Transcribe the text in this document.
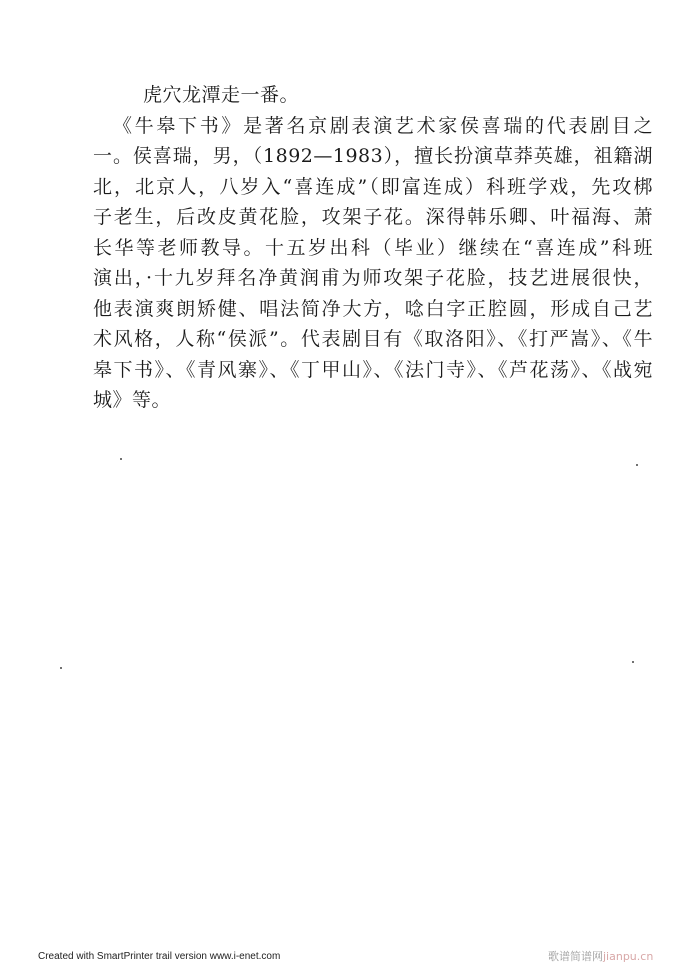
虎穴龙潭走一番。
《牛皋下书》是著名京剧表演艺术家侯喜瑞的代表剧目之
一。侯喜瑞，男，（1892—1983），擅长扮演草莽英雄，祖籍湖
北，北京人，八岁入“喜连成”（即富连成）科班学戏，先攻梆
子老生，后改皮黄花脸，攻架子花。深得韩乐卿、叶福海、萧
长华等老师教导。十五岁出科（毕业）继续在“喜连成”科班
演出，·十九岁拜名净黄润甫为师攻架子花脸，技艺进展很快，
他表演爽朗矫健、唱法简净大方，唸白字正腔圆，形成自己艺
术风格，人称“侯派”。代表剧目有《取洛阳》、《打严嵩》、《牛
皋下书》、《青风寨》、《丁甲山》、《法门寺》、《芦花荡》、《战宛
城》等。
Created with SmartPrinter trail version www.i-enet.com	歌谱简谱网jianpu.cn
